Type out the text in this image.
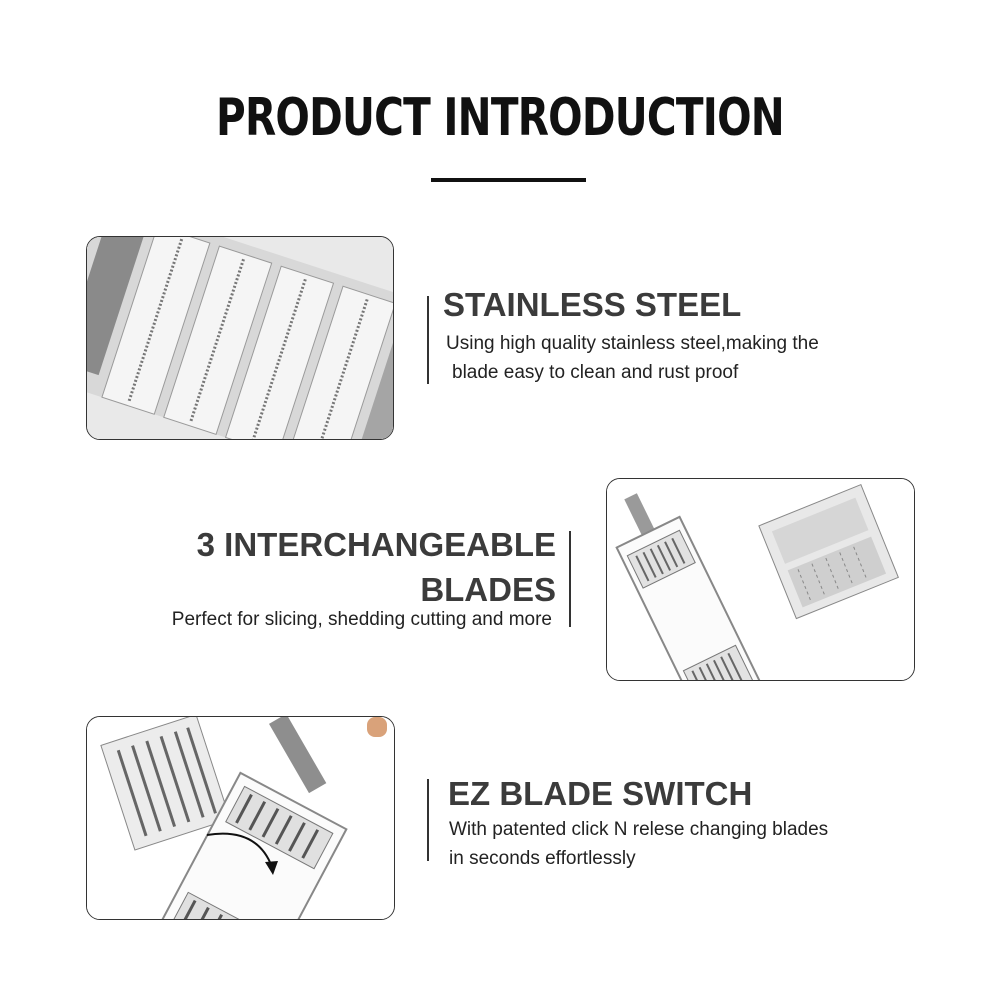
PRODUCT INTRODUCTION
STAINLESS STEEL
Using high quality stainless steel,making the
blade easy to clean and rust proof
3 INTERCHANGEABLE
BLADES
Perfect for slicing, shedding cutting and more
EZ BLADE SWITCH
With patented click N relese changing blades
in seconds effortlessly
